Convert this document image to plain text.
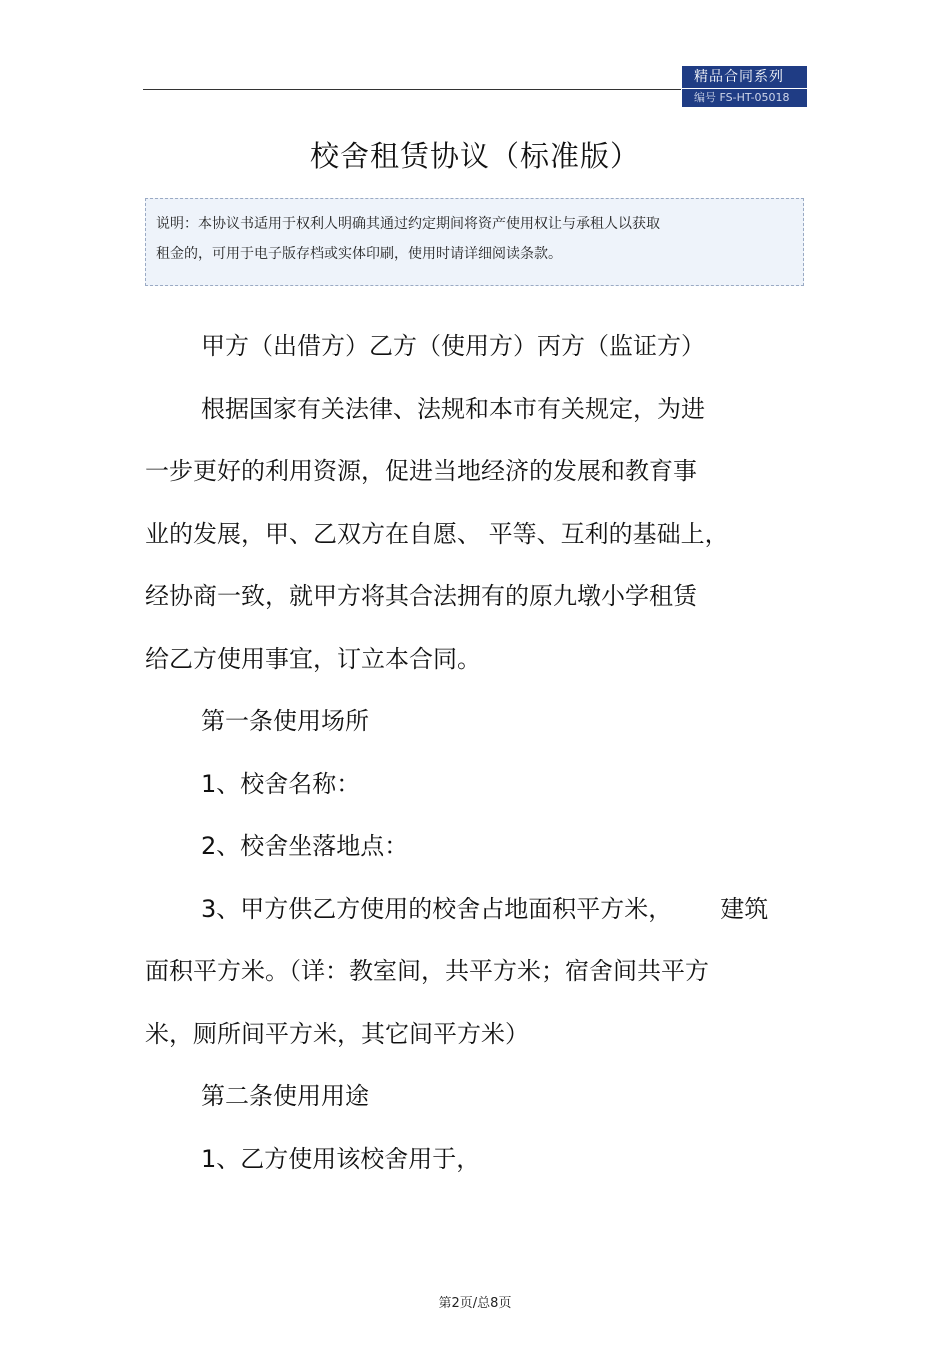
精品合同系列
编号 FS-HT-05018
校舍租赁协议（标准版）
说明：本协议书适用于权利人明确其通过约定期间将资产使用权让与承租人以获取
租金的，可用于电子版存档或实体印刷，使用时请详细阅读条款。

甲方（出借方）乙方（使用方）丙方（监证方）

根据国家有关法律、法规和本市有关规定，为进

一步更好的利用资源，促进当地经济的发展和教育事

业的发展，甲、乙双方在自愿、 平等、互利的基础上，

经协商一致，就甲方将其合法拥有的原九墩小学租赁

给乙方使用事宜，订立本合同。

第一条使用场所

1、校舍名称：

2、校舍坐落地点：

3、甲方供乙方使用的校舍占地面积平方米， 建筑

面积平方米。（详：教室间，共平方米；宿舍间共平方

米，厕所间平方米，其它间平方米）

第二条使用用途

1、乙方使用该校舍用于，

第2页/总8页
